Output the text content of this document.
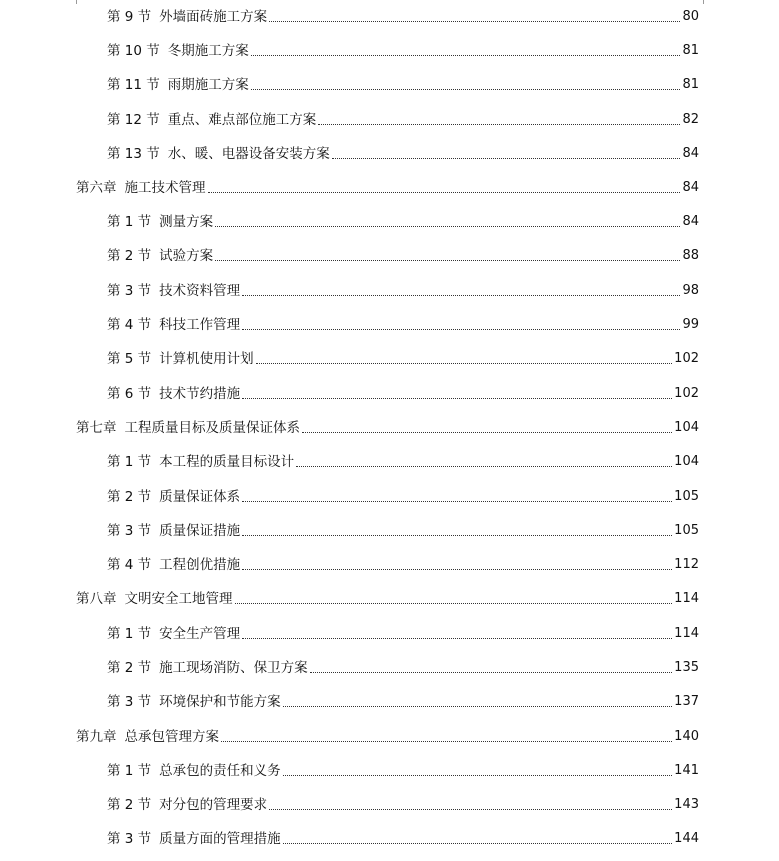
第 9 节 外墙面砖施工方案	80
第 10 节 冬期施工方案	81
第 11 节 雨期施工方案	81
第 12 节 重点、难点部位施工方案	82
第 13 节 水、暖、电器设备安装方案	84
第六章 施工技术管理	84
第 1 节 测量方案	84
第 2 节 试验方案	88
第 3 节 技术资料管理	98
第 4 节 科技工作管理	99
第 5 节 计算机使用计划	102
第 6 节 技术节约措施	102
第七章 工程质量目标及质量保证体系	104
第 1 节 本工程的质量目标设计	104
第 2 节 质量保证体系	105
第 3 节 质量保证措施	105
第 4 节 工程创优措施	112
第八章 文明安全工地管理	114
第 1 节 安全生产管理	114
第 2 节 施工现场消防、保卫方案	135
第 3 节 环境保护和节能方案	137
第九章 总承包管理方案	140
第 1 节 总承包的责任和义务	141
第 2 节 对分包的管理要求	143
第 3 节 质量方面的管理措施	144
